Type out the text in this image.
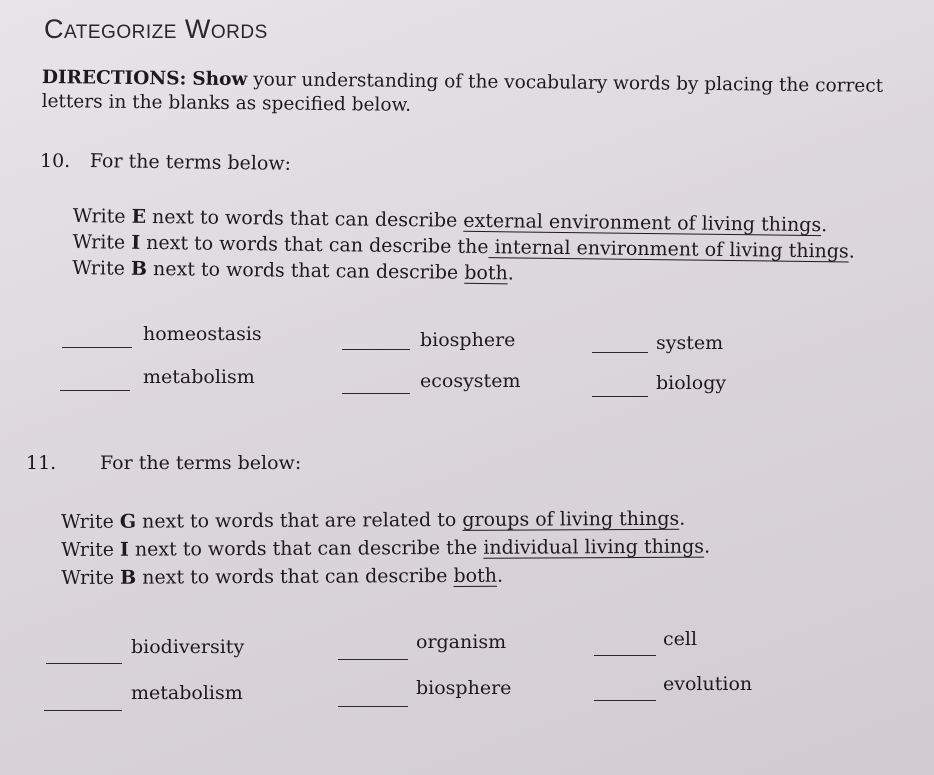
Categorize Words
DIRECTIONS: Show your understanding of the vocabulary words by placing the correct letters in the blanks as specified below.
10. For the terms below:
Write E next to words that can describe external environment of living things.
Write I next to words that can describe the internal environment of living things.
Write B next to words that can describe both.
homeostasis	biosphere	system
metabolism	ecosystem	biology
11. For the terms below:
Write G next to words that are related to groups of living things.
Write I next to words that can describe the individual living things.
Write B next to words that can describe both.
biodiversity	organism	cell
metabolism	biosphere	evolution
